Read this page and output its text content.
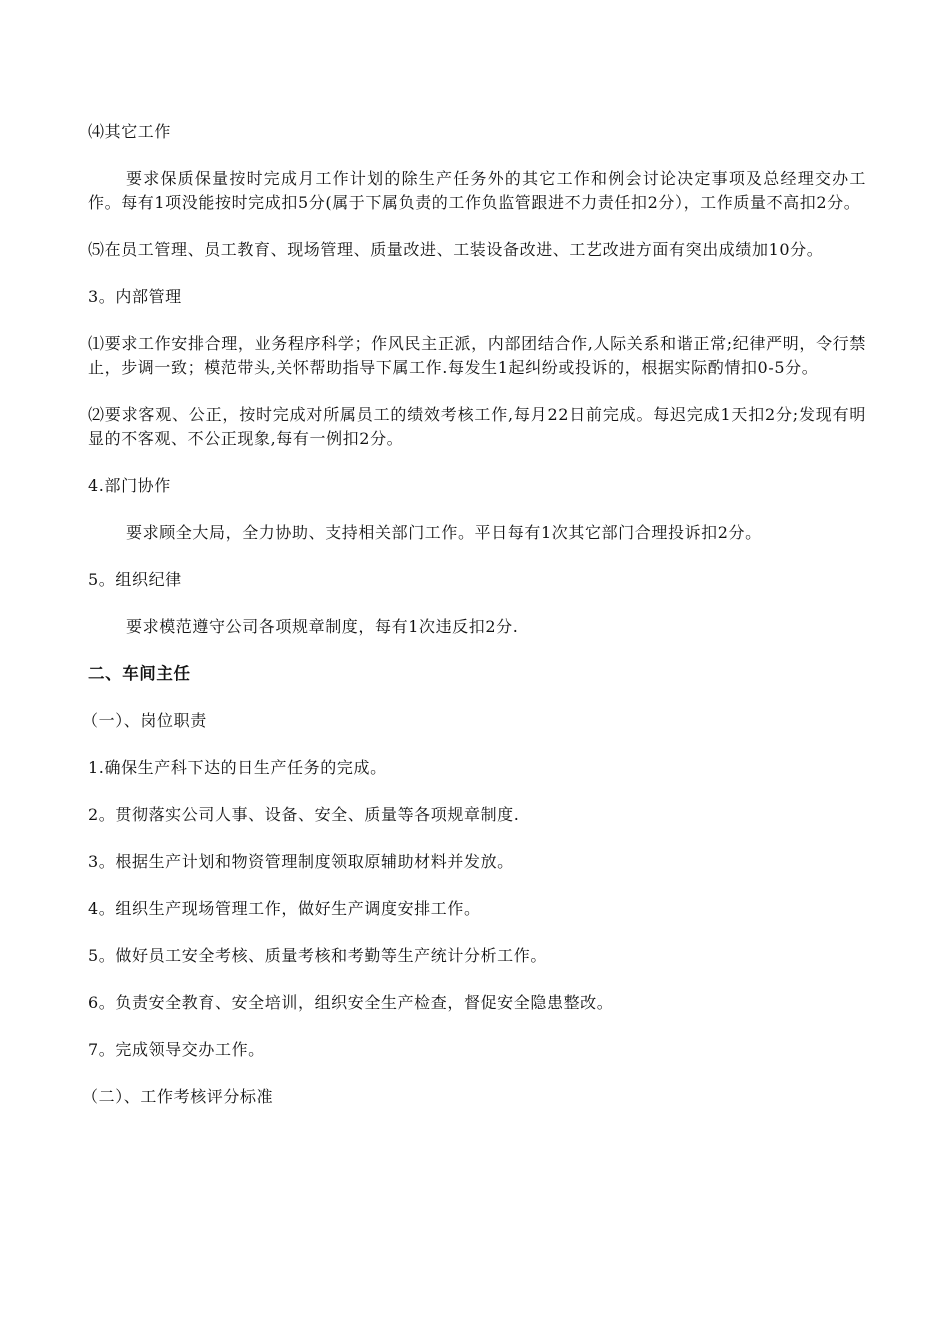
⑷其它工作

要求保质保量按时完成月工作计划的除生产任务外的其它工作和例会讨论决定事项及总经理交办工作。每有1项没能按时完成扣5分(属于下属负责的工作负监管跟进不力责任扣2分），工作质量不高扣2分。

⑸在员工管理、员工教育、现场管理、质量改进、工装设备改进、工艺改进方面有突出成绩加10分。

3。内部管理

⑴要求工作安排合理，业务程序科学；作风民主正派，内部团结合作,人际关系和谐正常;纪律严明，令行禁止，步调一致；模范带头,关怀帮助指导下属工作.每发生1起纠纷或投诉的，根据实际酌情扣0-5分。

⑵要求客观、公正，按时完成对所属员工的绩效考核工作,每月22日前完成。每迟完成1天扣2分;发现有明显的不客观、不公正现象,每有一例扣2分。

4.部门协作

要求顾全大局，全力协助、支持相关部门工作。平日每有1次其它部门合理投诉扣2分。

5。组织纪律

要求模范遵守公司各项规章制度，每有1次违反扣2分.

二、车间主任

（一）、岗位职责

1.确保生产科下达的日生产任务的完成。

2。贯彻落实公司人事、设备、安全、质量等各项规章制度.

3。根据生产计划和物资管理制度领取原辅助材料并发放。

4。组织生产现场管理工作，做好生产调度安排工作。

5。做好员工安全考核、质量考核和考勤等生产统计分析工作。

6。负责安全教育、安全培训，组织安全生产检查，督促安全隐患整改。

7。完成领导交办工作。

（二）、工作考核评分标准
